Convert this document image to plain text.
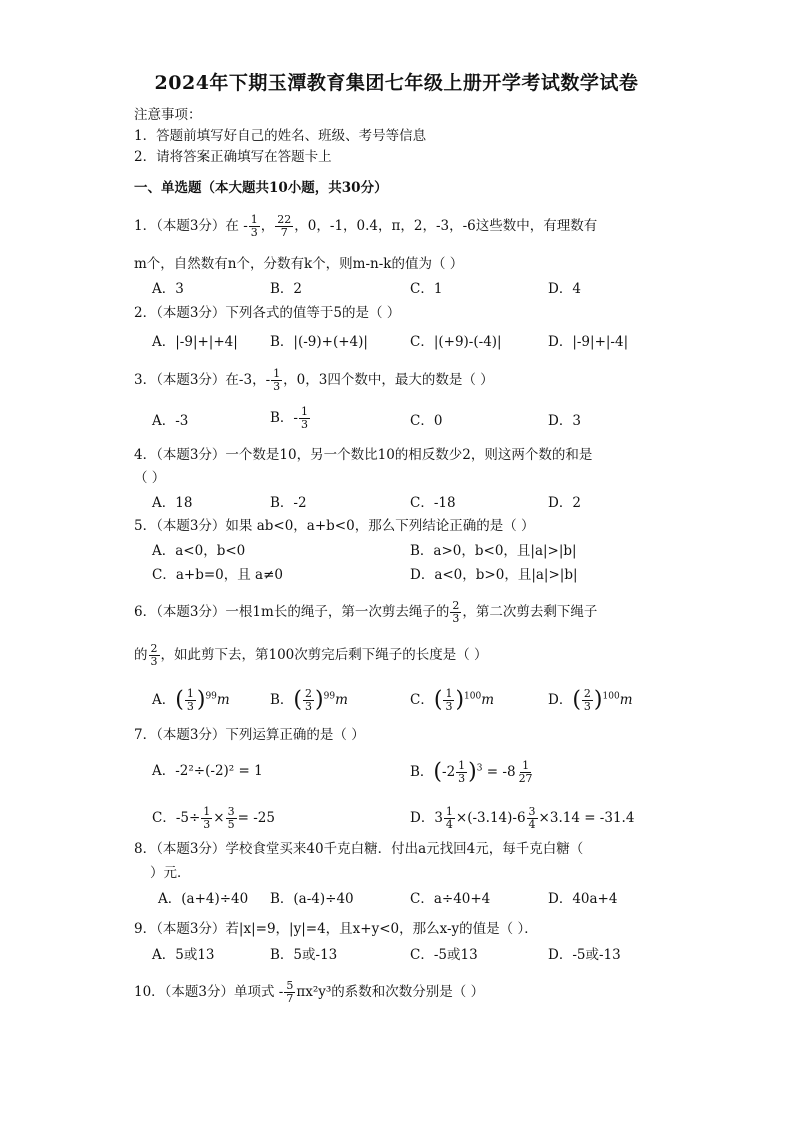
2024年下期玉潭教育集团七年级上册开学考试数学试卷
注意事项：
1．答题前填写好自己的姓名、班级、考号等信息
2．请将答案正确填写在答题卡上
一、单选题（本大题共10小题，共30分）
1．（本题3分）在 - $\frac{1}{3}$ ， $\frac{22}{7}$ ，0，-1，0.4，π，2，-3，-6这些数中，有理数有
m个，自然数有n个，分数有k个，则m-n-k的值为（ ）
A．3	B．2	C．1	D．4
2．（本题3分）下列各式的值等于5的是（ ）
A．|-9|+|+4| B．|(-9)+(+4)|	C．|(+9)-(-4)|	D．|-9|+|-4|
3．（本题3分）在-3，- $\frac{1}{3}$ ，0，3四个数中，最大的数是（ ）
A．-3	B．- $\frac{1}{3}$	C．0	D．3
4．（本题3分）一个数是10，另一个数比10的相反数少2，则这两个数的和是
（ ）
A．18	B．-2	C．-18	D．2
5．（本题3分）如果 ab<0，a+b<0，那么下列结论正确的是（ ）
A．a<0，b<0	B．a>0，b<0，且|a|>|b|
C．a+b=0，且 a≠0	D．a<0，b>0，且|a|>|b|
6．（本题3分）一根1m长的绳子，第一次剪去绳子的 $\frac{2}{3}$ ，第二次剪去剩下绳子
的 $\frac{2}{3}$ ，如此剪下去，第100次剪完后剩下绳子的长度是（ ）
A．( $\frac{1}{3} )^{99}m$	B．( $\frac{2}{3} )^{99}m$	C．( $\frac{1}{3} )^{100}m$	D．( $\frac{2}{3} )^{100}m$
7．（本题3分）下列运算正确的是（ ）
A．-2²÷(-2)² = 1	B．$(-2 \frac{1}{3} )^3 = -8 \frac{1}{27}$
C．$-5\div \frac{1}{3} \times \frac{3}{5} = -25$	D．$3 \frac{1}{4} \times(-3.14)-6 \frac{3}{4} \times 3.14 = -31.4$
8．（本题3分）学校食堂买来40千克白糖．付出a元找回4元，每千克白糖（
）元．
A．(a+4)÷40 B．(a-4)÷40	C．a÷40+4	D．40a+4
9．（本题3分）若|x|=9，|y|=4，且x+y<0，那么x-y的值是（ ）．
A．5或13	B．5或-13	C．-5或13	D．-5或-13
10．（本题3分）单项式 - $\frac{5}{7} \pi x^2y^3$的系数和次数分别是（ ）
